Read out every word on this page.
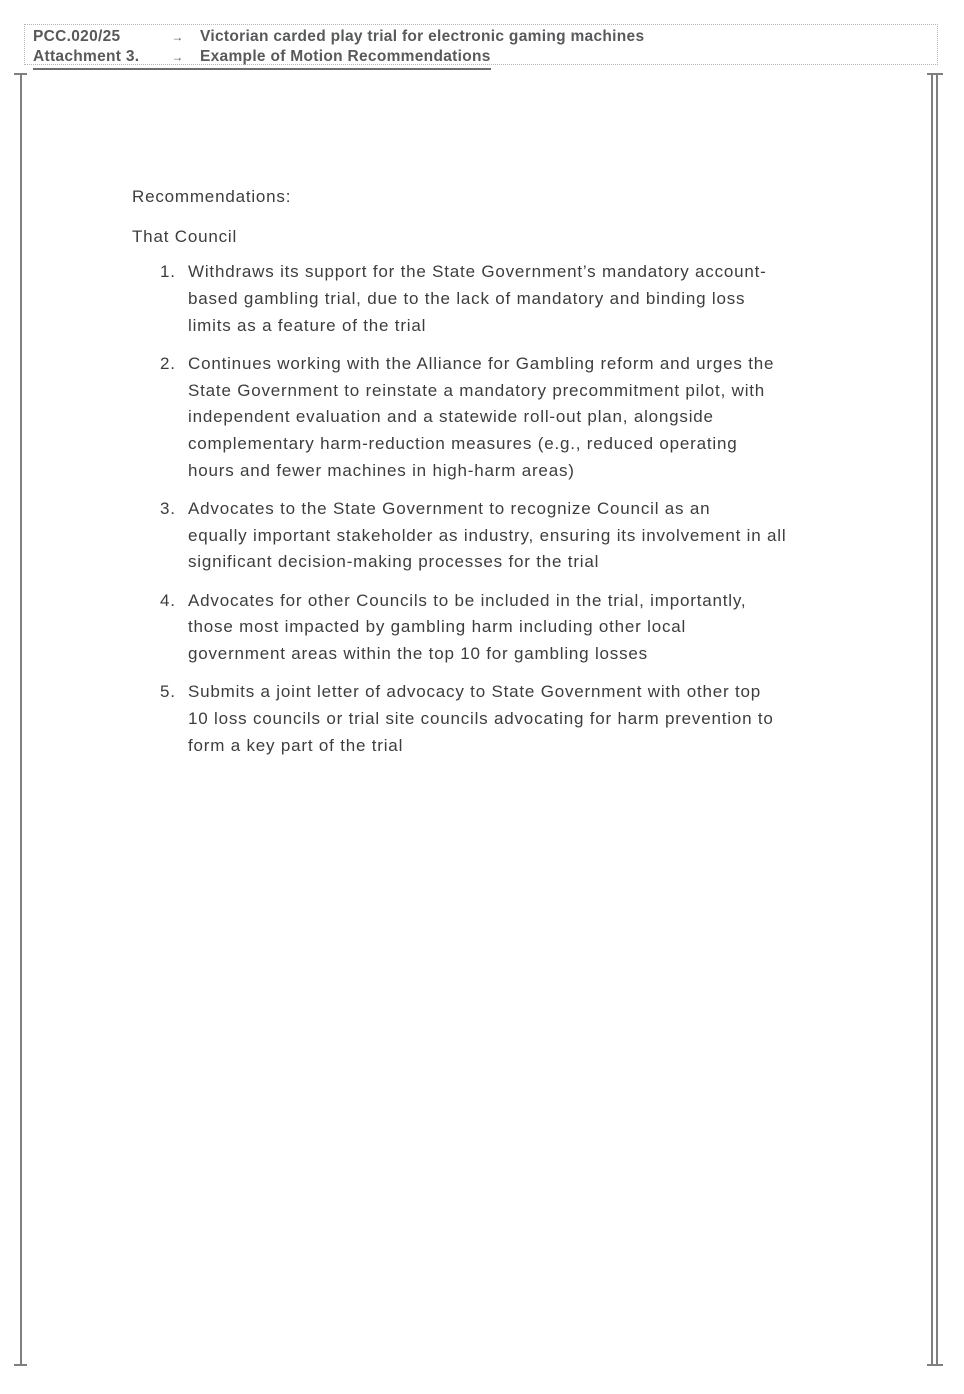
PCC.020/25	→	Victorian carded play trial for electronic gaming machines
Attachment 3.	→	Example of Motion Recommendations
Recommendations:
That Council
1. Withdraws its support for the State Government’s mandatory account-
based gambling trial, due to the lack of mandatory and binding loss
limits as a feature of the trial
2. Continues working with the Alliance for Gambling reform and urges the
State Government to reinstate a mandatory precommitment pilot, with
independent evaluation and a statewide roll-out plan, alongside
complementary harm-reduction measures (e.g., reduced operating
hours and fewer machines in high-harm areas)
3. Advocates to the State Government to recognize Council as an
equally important stakeholder as industry, ensuring its involvement in all
significant decision-making processes for the trial
4. Advocates for other Councils to be included in the trial, importantly,
those most impacted by gambling harm including other local
government areas within the top 10 for gambling losses
5. Submits a joint letter of advocacy to State Government with other top
10 loss councils or trial site councils advocating for harm prevention to
form a key part of the trial
